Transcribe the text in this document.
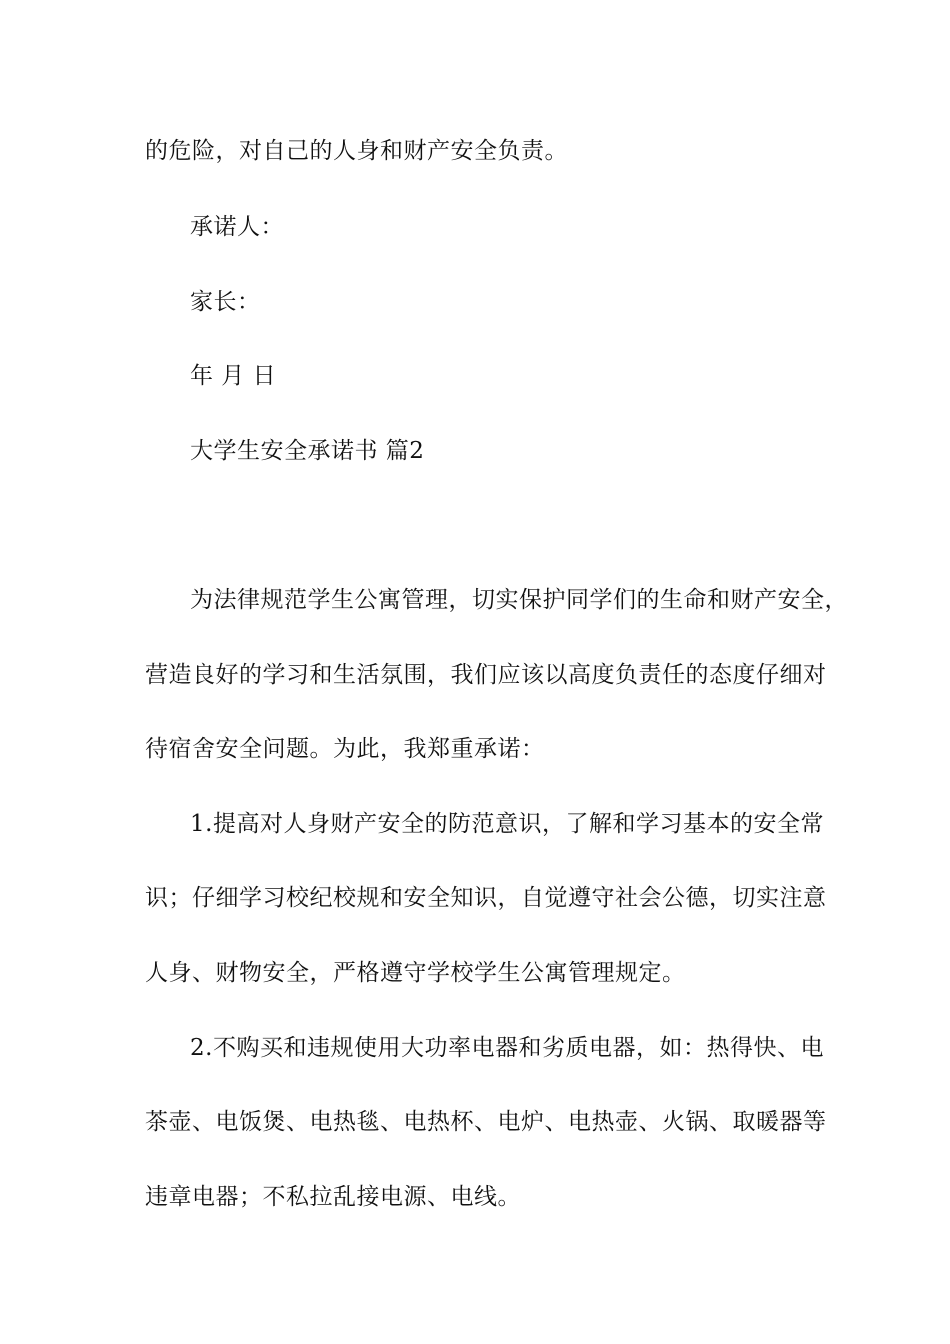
的危险，对自己的人身和财产安全负责。
承诺人：
家长：
年 月 日
大学生安全承诺书 篇2
为法律规范学生公寓管理，切实保护同学们的生命和财产安全，
营造良好的学习和生活氛围，我们应该以高度负责任的态度仔细对
待宿舍安全问题。为此，我郑重承诺：
1.提高对人身财产安全的防范意识，了解和学习基本的安全常
识；仔细学习校纪校规和安全知识，自觉遵守社会公德，切实注意
人身、财物安全，严格遵守学校学生公寓管理规定。
2.不购买和违规使用大功率电器和劣质电器，如：热得快、电
茶壶、电饭煲、电热毯、电热杯、电炉、电热壶、火锅、取暖器等
违章电器；不私拉乱接电源、电线。
